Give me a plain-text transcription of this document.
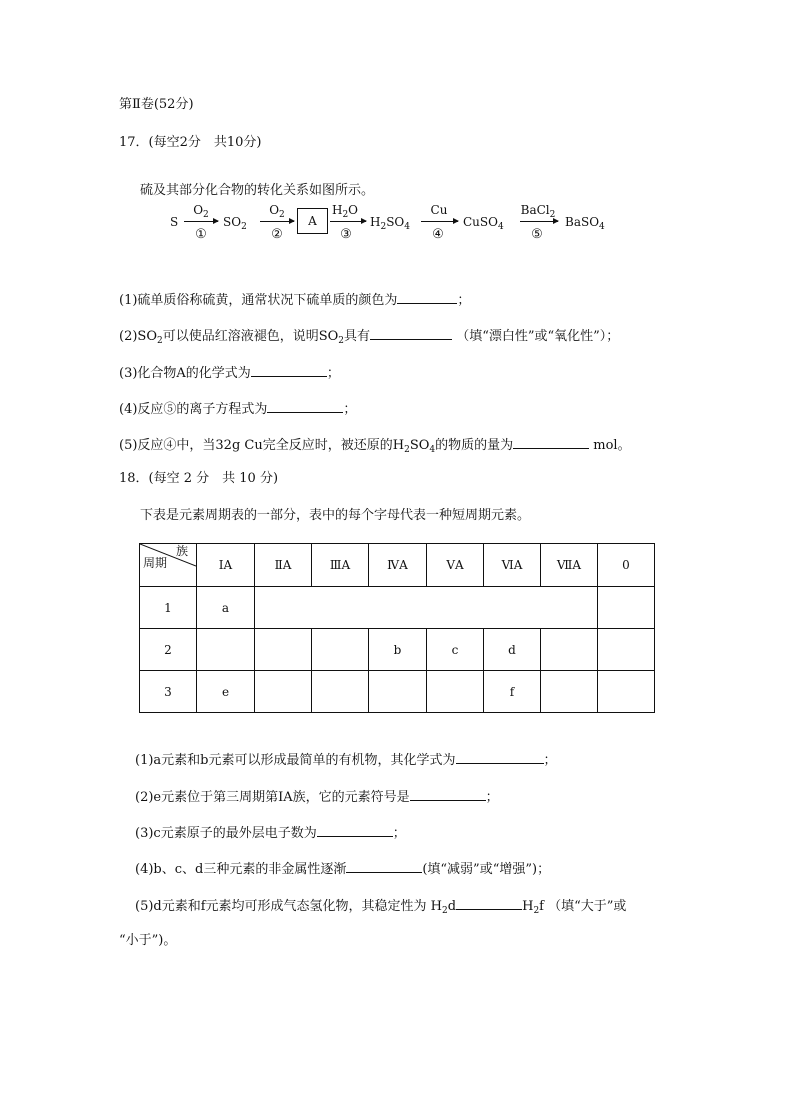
第Ⅱ卷(52分)
17．(每空2分　共10分)
硫及其部分化合物的转化关系如图所示。
S
$O_2$
①
$SO_2$
$O_2$
②
A
$H_2O$
③
$H_2SO_4$
Cu
④
CuSO$_4$
BaCl$_2$
⑤
BaSO$_4$
(1)硫单质俗称硫黄，通常状况下硫单质的颜色为	；
$(2)SO_2$可以使品红溶液褪色，说明$SO_2$具有	（填“漂白性”或“氧化性”）；
(3)化合物A的化学式为	；
(4)反应⑤的离子方程式为	；
(5)反应④中，当32g Cu完全反应时，被还原的$H_2SO_4$的物质的量为	mol。
18．(每空 2 分　共 10 分)
下表是元素周期表的一部分，表中的每个字母代表一种短周期元素。
族
周期	IA	ⅡA	ⅢA	ⅣA	ⅤA	ⅥA	ⅦA	0
1	a							
2				b	c	d		
3	e					f		
(1)a元素和b元素可以形成最简单的有机物，其化学式为	；
(2)e元素位于第三周期第ⅠA族，它的元素符号是	；
(3)c元素原子的最外层电子数为	；
(4)b、c、d三种元素的非金属性逐渐	(填“减弱”或“增强”)；
(5)d元素和f元素均可形成气态氢化物，其稳定性为 $H_2d$	$H_2f$ （填“大于”或
“小于”)。
